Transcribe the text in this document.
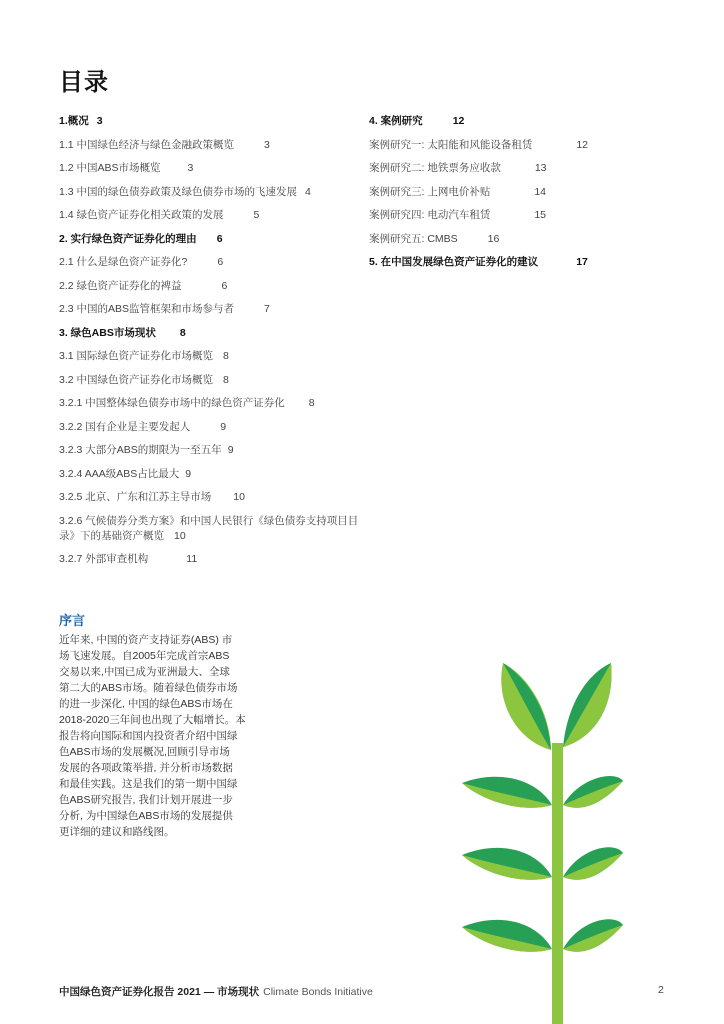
目录
1.概况 3
1.1 中国绿色经济与绿色金融政策概览	3
1.2 中国ABS市场概览	3
1.3 中国的绿色债券政策及绿色债券市场的飞速发展 4
1.4 绿色资产证券化相关政策的发展	5
2. 实行绿色资产证券化的理由 6
2.1 什么是绿色资产证券化?	6
2.2 绿色资产证券化的裨益	6
2.3 中国的ABS监管框架和市场参与者	7
3. 绿色ABS市场现状 8
3.1 国际绿色资产证券化市场概览 8
3.2 中国绿色资产证券化市场概览 8
3.2.1 中国整体绿色债券市场中的绿色资产证券化 8
3.2.2 国有企业是主要发起人	9
3.2.3 大部分ABS的期限为一至五年 9
3.2.4 AAA级ABS占比最大 9
3.2.5 北京、广东和江苏主导市场 10
3.2.6 气候债券分类方案》和中国人民银行《绿色债券支持项目目录》下的基础资产概览 10
3.2.7 外部审查机构	11
4. 案例研究	12
案例研究一: 太阳能和风能设备租赁	12
案例研究二: 地铁票务应收款	13
案例研究三: 上网电价补贴	14
案例研究四: 电动汽车租赁	15
案例研究五: CMBS	16
5. 在中国发展绿色资产证券化的建议	17
序言
近年来, 中国的资产支持证券(ABS) 市
场飞速发展。自2005年完成首宗ABS
交易以来,中国已成为亚洲最大、全球
第二大的ABS市场。随着绿色债券市场
的进一步深化, 中国的绿色ABS市场在
2018-2020三年间也出现了大幅增长。本
报告将向国际和国内投资者介绍中国绿
色ABS市场的发展概况,回顾引导市场
发展的各项政策举措, 并分析市场数据
和最佳实践。这是我们的第一期中国绿
色ABS研究报告, 我们计划开展进一步
分析, 为中国绿色ABS市场的发展提供
更详细的建议和路线图。
中国绿色资产证券化报告 2021 — 市场现状 Climate Bonds Initiative	2
